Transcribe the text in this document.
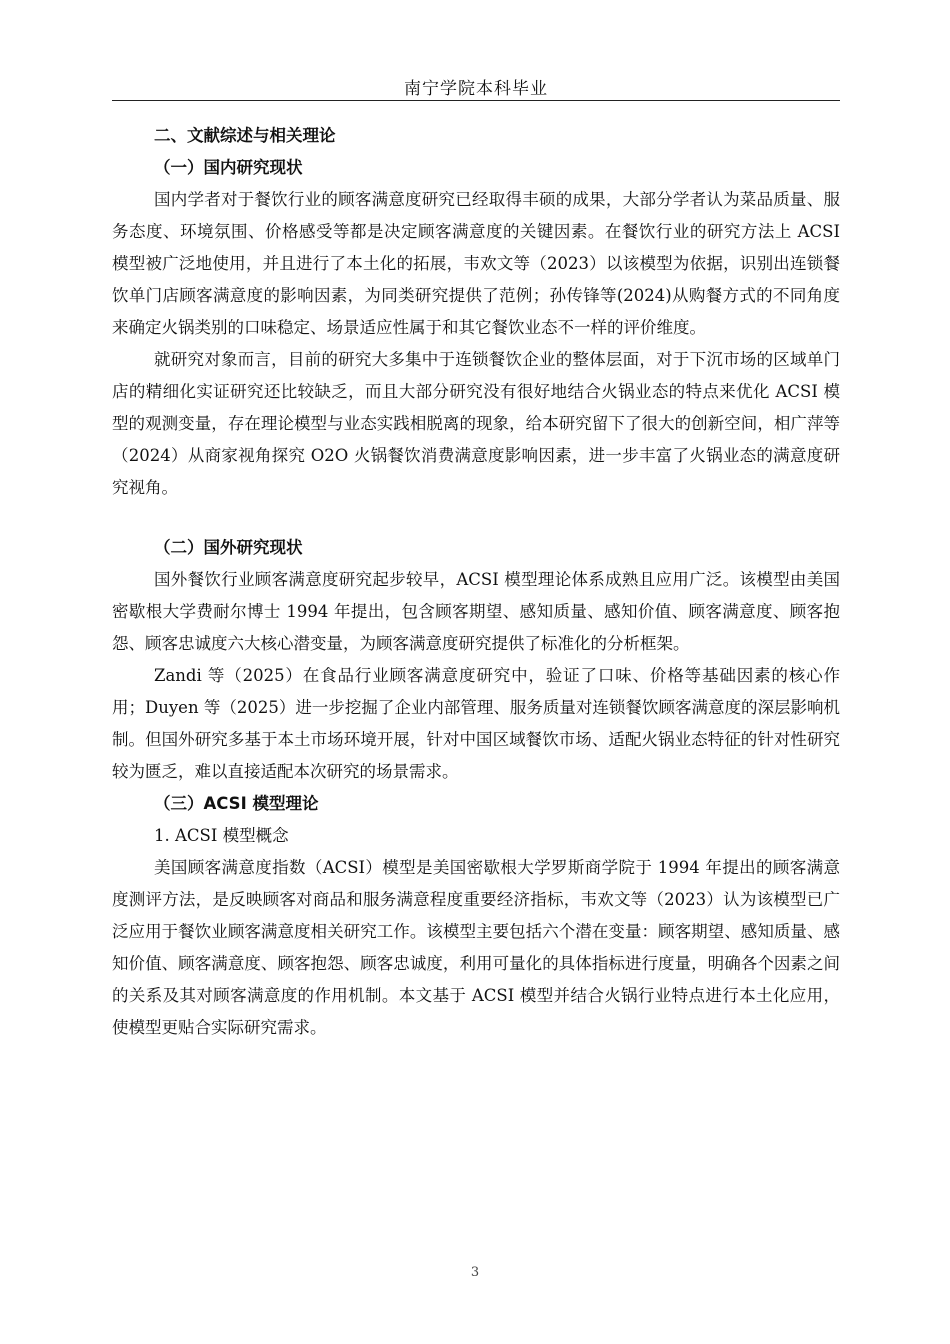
南宁学院本科毕业
二、文献综述与相关理论
（一）国内研究现状

国内学者对于餐饮行业的顾客满意度研究已经取得丰硕的成果，大部分学者认为菜品质量、服务态度、环境氛围、价格感受等都是决定顾客满意度的关键因素。在餐饮行业的研究方法上 ACSI 模型被广泛地使用，并且进行了本土化的拓展，韦欢文等（2023）以该模型为依据，识别出连锁餐饮单门店顾客满意度的影响因素，为同类研究提供了范例；孙传锋等(2024)从购餐方式的不同角度来确定火锅类别的口味稳定、场景适应性属于和其它餐饮业态不一样的评价维度。

就研究对象而言，目前的研究大多集中于连锁餐饮企业的整体层面，对于下沉市场的区域单门店的精细化实证研究还比较缺乏，而且大部分研究没有很好地结合火锅业态的特点来优化 ACSI 模型的观测变量，存在理论模型与业态实践相脱离的现象，给本研究留下了很大的创新空间，相广萍等（2024）从商家视角探究 O2O 火锅餐饮消费满意度影响因素，进一步丰富了火锅业态的满意度研究视角。

（二）国外研究现状

国外餐饮行业顾客满意度研究起步较早，ACSI 模型理论体系成熟且应用广泛。该模型由美国密歇根大学费耐尔博士 1994 年提出，包含顾客期望、感知质量、感知价值、顾客满意度、顾客抱怨、顾客忠诚度六大核心潜变量，为顾客满意度研究提供了标准化的分析框架。

Zandi 等（2025）在食品行业顾客满意度研究中，验证了口味、价格等基础因素的核心作用；Duyen 等（2025）进一步挖掘了企业内部管理、服务质量对连锁餐饮顾客满意度的深层影响机制。但国外研究多基于本土市场环境开展，针对中国区域餐饮市场、适配火锅业态特征的针对性研究较为匮乏，难以直接适配本次研究的场景需求。

（三）ACSI 模型理论
1. ACSI 模型概念

美国顾客满意度指数（ACSI）模型是美国密歇根大学罗斯商学院于 1994 年提出的顾客满意度测评方法，是反映顾客对商品和服务满意程度重要经济指标，韦欢文等（2023）认为该模型已广泛应用于餐饮业顾客满意度相关研究工作。该模型主要包括六个潜在变量：顾客期望、感知质量、感知价值、顾客满意度、顾客抱怨、顾客忠诚度，利用可量化的具体指标进行度量，明确各个因素之间的关系及其对顾客满意度的作用机制。本文基于 ACSI 模型并结合火锅行业特点进行本土化应用，使模型更贴合实际研究需求。

3
